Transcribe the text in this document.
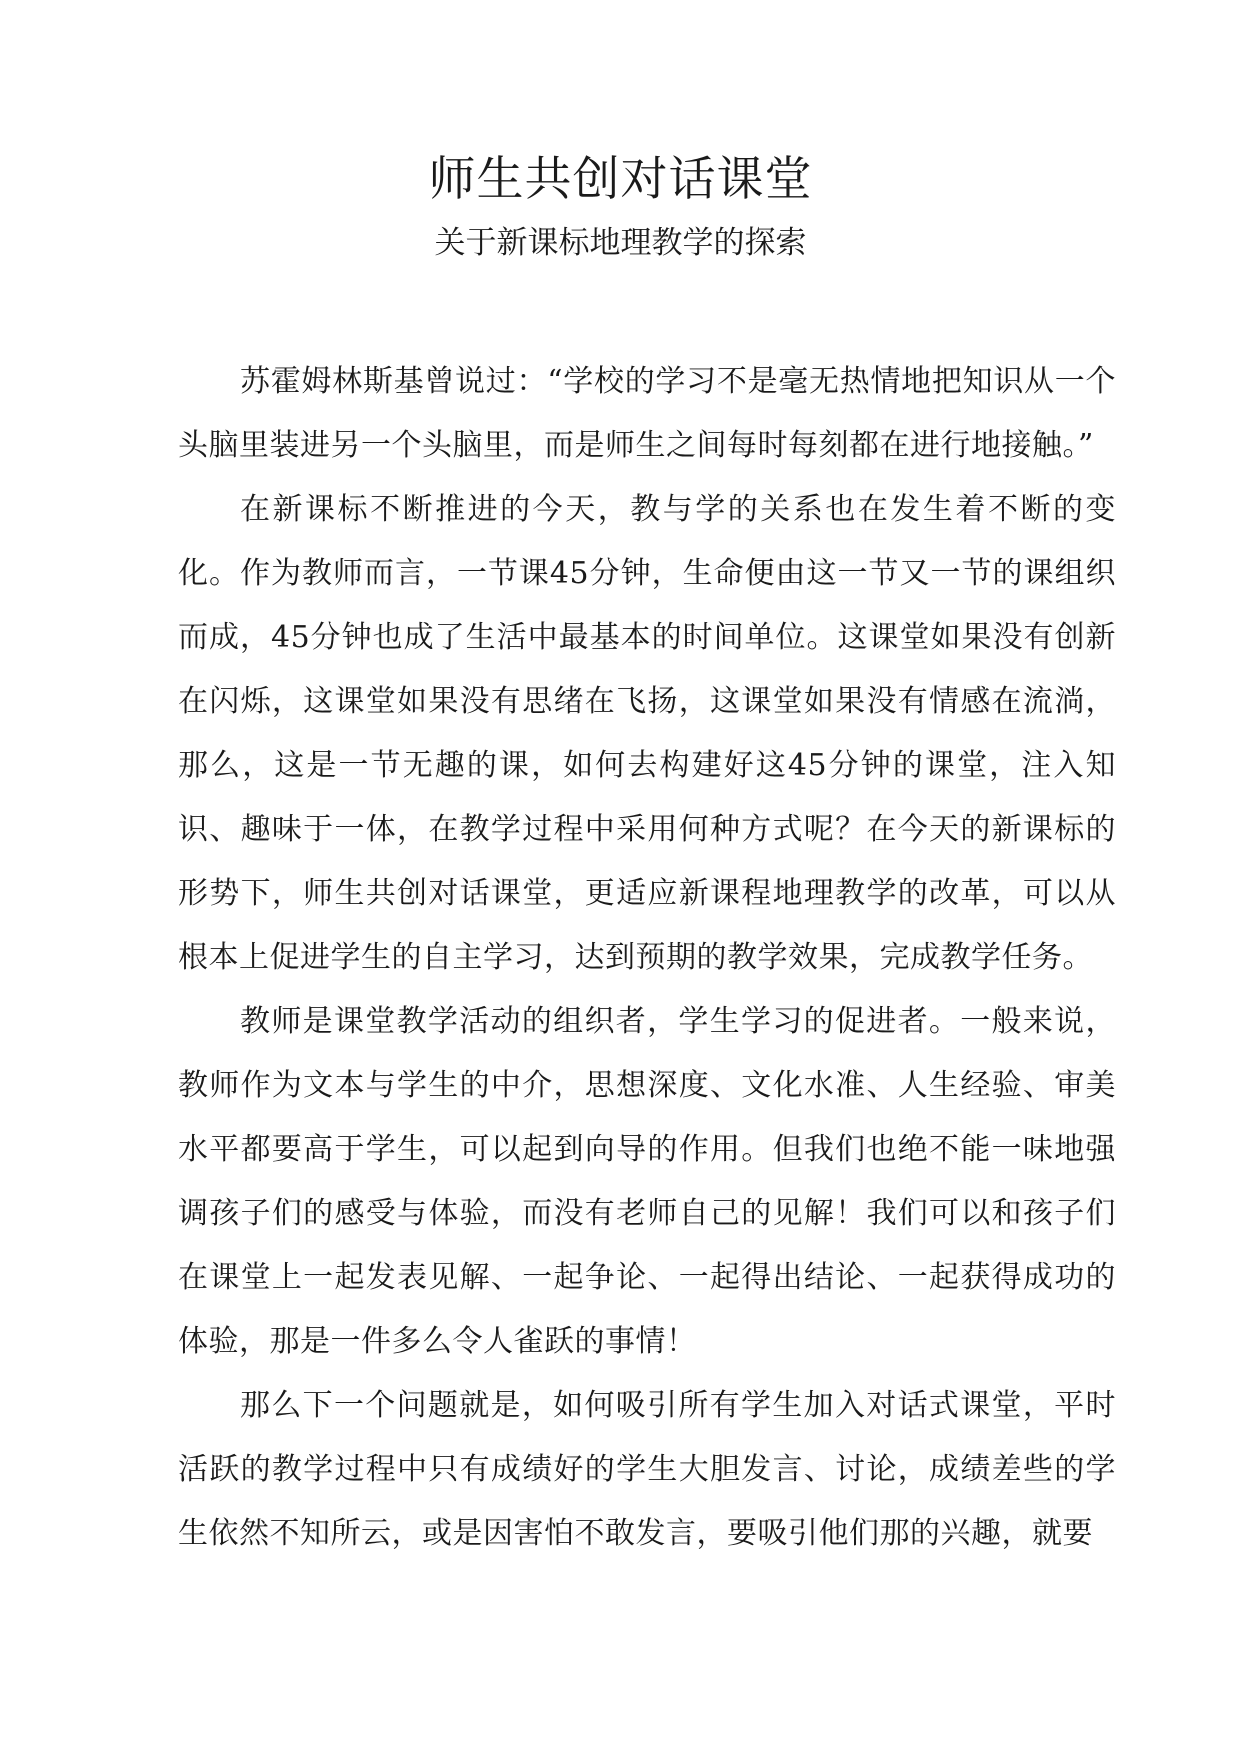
师生共创对话课堂
关于新课标地理教学的探索

苏霍姆林斯基曾说过：“学校的学习不是毫无热情地把知识从一个头脑里装进另一个头脑里，而是师生之间每时每刻都在进行地接触。”

在新课标不断推进的今天，教与学的关系也在发生着不断的变化。作为教师而言，一节课45分钟，生命便由这一节又一节的课组织而成，45分钟也成了生活中最基本的时间单位。这课堂如果没有创新在闪烁，这课堂如果没有思绪在飞扬，这课堂如果没有情感在流淌，那么，这是一节无趣的课，如何去构建好这45分钟的课堂，注入知识、趣味于一体，在教学过程中采用何种方式呢？在今天的新课标的形势下，师生共创对话课堂，更适应新课程地理教学的改革，可以从根本上促进学生的自主学习，达到预期的教学效果，完成教学任务。

教师是课堂教学活动的组织者，学生学习的促进者。一般来说，教师作为文本与学生的中介，思想深度、文化水准、人生经验、审美水平都要高于学生，可以起到向导的作用。但我们也绝不能一味地强调孩子们的感受与体验，而没有老师自己的见解！我们可以和孩子们在课堂上一起发表见解、一起争论、一起得出结论、一起获得成功的体验，那是一件多么令人雀跃的事情！

那么下一个问题就是，如何吸引所有学生加入对话式课堂，平时活跃的教学过程中只有成绩好的学生大胆发言、讨论，成绩差些的学生依然不知所云，或是因害怕不敢发言，要吸引他们那的兴趣，就要
